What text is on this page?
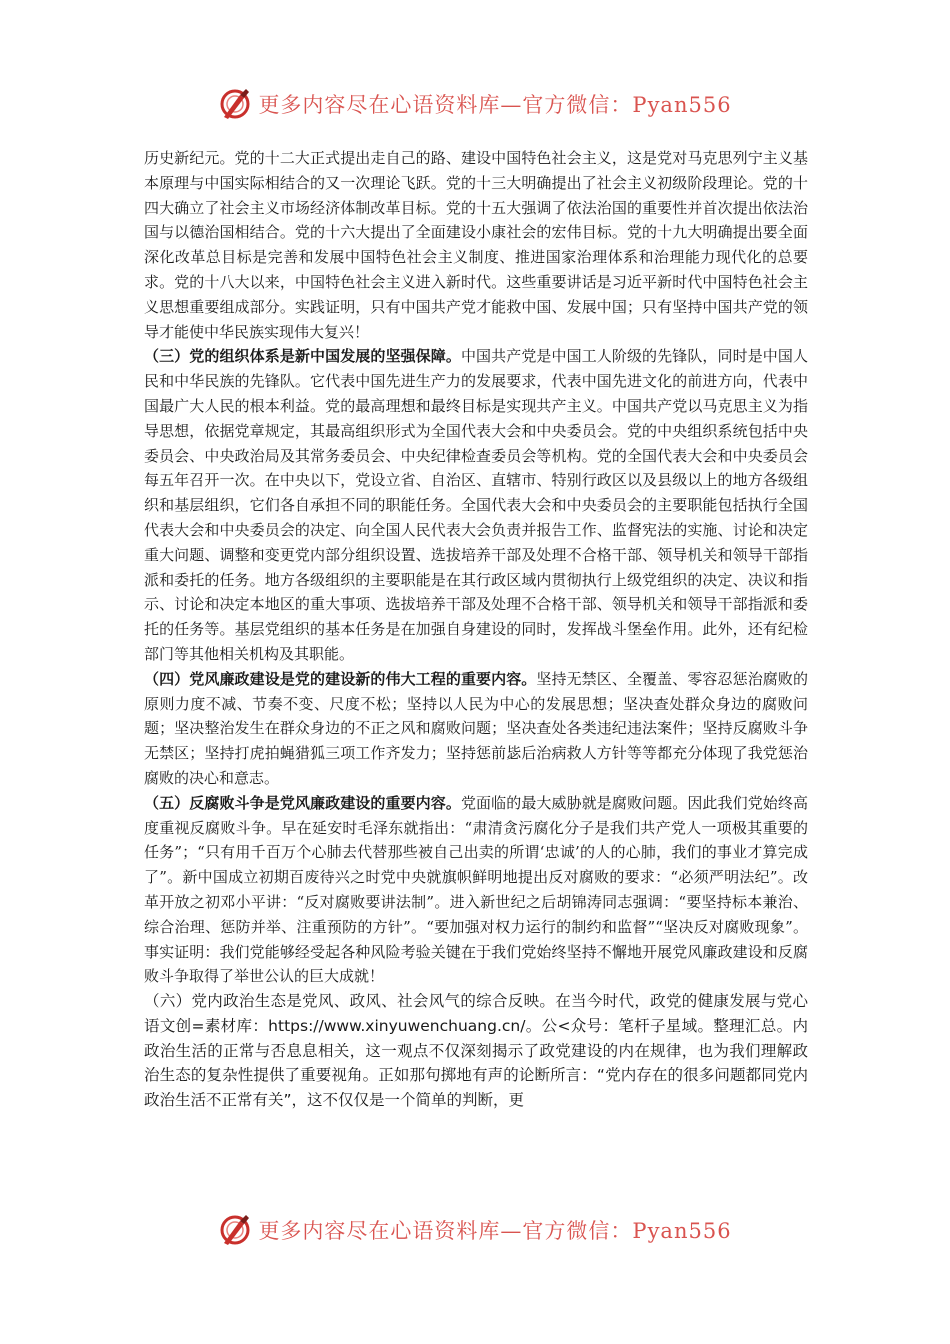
更多内容尽在心语资料库—官方微信：Pyan556

历史新纪元。党的十二大正式提出走自己的路、建设中国特色社会主义，这是党对马克思列宁主义基本原理与中国实际相结合的又一次理论飞跃。党的十三大明确提出了社会主义初级阶段理论。党的十四大确立了社会主义市场经济体制改革目标。党的十五大强调了依法治国的重要性并首次提出依法治国与以德治国相结合。党的十六大提出了全面建设小康社会的宏伟目标。党的十九大明确提出要全面深化改革总目标是完善和发展中国特色社会主义制度、推进国家治理体系和治理能力现代化的总要求。党的十八大以来，中国特色社会主义进入新时代。这些重要讲话是习近平新时代中国特色社会主义思想重要组成部分。实践证明，只有中国共产党才能救中国、发展中国；只有坚持中国共产党的领导才能使中华民族实现伟大复兴！

（三）党的组织体系是新中国发展的坚强保障。中国共产党是中国工人阶级的先锋队，同时是中国人民和中华民族的先锋队。它代表中国先进生产力的发展要求，代表中国先进文化的前进方向，代表中国最广大人民的根本利益。党的最高理想和最终目标是实现共产主义。中国共产党以马克思主义为指导思想，依据党章规定，其最高组织形式为全国代表大会和中央委员会。党的中央组织系统包括中央委员会、中央政治局及其常务委员会、中央纪律检查委员会等机构。党的全国代表大会和中央委员会每五年召开一次。在中央以下，党设立省、自治区、直辖市、特别行政区以及县级以上的地方各级组织和基层组织，它们各自承担不同的职能任务。全国代表大会和中央委员会的主要职能包括执行全国代表大会和中央委员会的决定、向全国人民代表大会负责并报告工作、监督宪法的实施、讨论和决定重大问题、调整和变更党内部分组织设置、选拔培养干部及处理不合格干部、领导机关和领导干部指派和委托的任务。地方各级组织的主要职能是在其行政区域内贯彻执行上级党组织的决定、决议和指示、讨论和决定本地区的重大事项、选拔培养干部及处理不合格干部、领导机关和领导干部指派和委托的任务等。基层党组织的基本任务是在加强自身建设的同时，发挥战斗堡垒作用。此外，还有纪检部门等其他相关机构及其职能。

（四）党风廉政建设是党的建设新的伟大工程的重要内容。坚持无禁区、全覆盖、零容忍惩治腐败的原则力度不减、节奏不变、尺度不松；坚持以人民为中心的发展思想；坚决查处群众身边的腐败问题；坚决整治发生在群众身边的不正之风和腐败问题；坚决查处各类违纪违法案件；坚持反腐败斗争无禁区；坚持打虎拍蝇猎狐三项工作齐发力；坚持惩前毖后治病救人方针等等都充分体现了我党惩治腐败的决心和意志。

（五）反腐败斗争是党风廉政建设的重要内容。党面临的最大威胁就是腐败问题。因此我们党始终高度重视反腐败斗争。早在延安时毛泽东就指出：“肃清贪污腐化分子是我们共产党人一项极其重要的任务”；“只有用千百万个心肺去代替那些被自己出卖的所谓‘忠诚’的人的心肺，我们的事业才算完成了”。新中国成立初期百废待兴之时党中央就旗帜鲜明地提出反对腐败的要求：“必须严明法纪”。改革开放之初邓小平讲：“反对腐败要讲法制”。进入新世纪之后胡锦涛同志强调：“要坚持标本兼治、综合治理、惩防并举、注重预防的方针”。“要加强对权力运行的制约和监督”“坚决反对腐败现象”。事实证明：我们党能够经受起各种风险考验关键在于我们党始终坚持不懈地开展党风廉政建设和反腐败斗争取得了举世公认的巨大成就！

（六）党内政治生态是党风、政风、社会风气的综合反映。在当今时代，政党的健康发展与党心语文创=素材库：https://www.xinyuwenchuang.cn/。公<众号：笔杆子星域。整理汇总。内政治生活的正常与否息息相关，这一观点不仅深刻揭示了政党建设的内在规律，也为我们理解政治生态的复杂性提供了重要视角。正如那句掷地有声的论断所言：“党内存在的很多问题都同党内政治生活不正常有关”，这不仅仅是一个简单的判断，更

更多内容尽在心语资料库—官方微信：Pyan556
